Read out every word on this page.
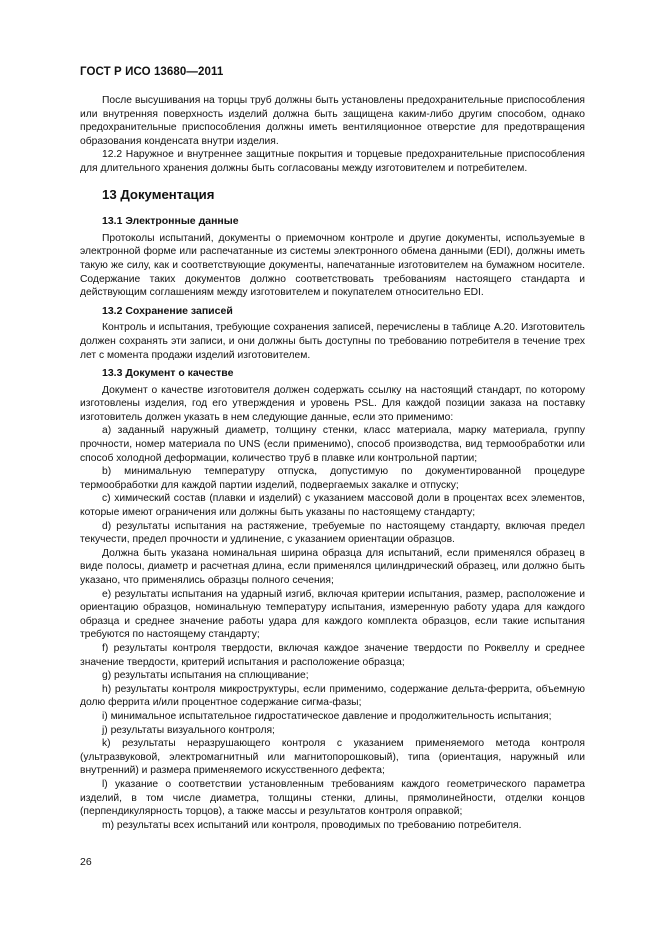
ГОСТ Р ИСО 13680—2011

После высушивания на торцы труб должны быть установлены предохранительные приспособления или внутренняя поверхность изделий должна быть защищена каким-либо другим способом, однако предохранительные приспособления должны иметь вентиляционное отверстие для предотвращения образования конденсата внутри изделия.

12.2 Наружное и внутреннее защитные покрытия и торцевые предохранительные приспособления для длительного хранения должны быть согласованы между изготовителем и потребителем.

13 Документация
13.1 Электронные данные

Протоколы испытаний, документы о приемочном контроле и другие документы, используемые в электронной форме или распечатанные из системы электронного обмена данными (EDI), должны иметь такую же силу, как и соответствующие документы, напечатанные изготовителем на бумажном носителе. Содержание таких документов должно соответствовать требованиям настоящего стандарта и действующим соглашениям между изготовителем и покупателем относительно EDI.

13.2 Сохранение записей

Контроль и испытания, требующие сохранения записей, перечислены в таблице А.20. Изготовитель должен сохранять эти записи, и они должны быть доступны по требованию потребителя в течение трех лет с момента продажи изделий изготовителем.

13.3 Документ о качестве

Документ о качестве изготовителя должен содержать ссылку на настоящий стандарт, по которому изготовлены изделия, год его утверждения и уровень PSL. Для каждой позиции заказа на поставку изготовитель должен указать в нем следующие данные, если это применимо:

a) заданный наружный диаметр, толщину стенки, класс материала, марку материала, группу прочности, номер материала по UNS (если применимо), способ производства, вид термообработки или способ холодной деформации, количество труб в плавке или контрольной партии;

b) минимальную температуру отпуска, допустимую по документированной процедуре термообработки для каждой партии изделий, подвергаемых закалке и отпуску;

c) химический состав (плавки и изделий) с указанием массовой доли в процентах всех элементов, которые имеют ограничения или должны быть указаны по настоящему стандарту;

d) результаты испытания на растяжение, требуемые по настоящему стандарту, включая предел текучести, предел прочности и удлинение, с указанием ориентации образцов.

Должна быть указана номинальная ширина образца для испытаний, если применялся образец в виде полосы, диаметр и расчетная длина, если применялся цилиндрический образец, или должно быть указано, что применялись образцы полного сечения;

e) результаты испытания на ударный изгиб, включая критерии испытания, размер, расположение и ориентацию образцов, номинальную температуру испытания, измеренную работу удара для каждого образца и среднее значение работы удара для каждого комплекта образцов, если такие испытания требуются по настоящему стандарту;

f) результаты контроля твердости, включая каждое значение твердости по Роквеллу и среднее значение твердости, критерий испытания и расположение образца;

g) результаты испытания на сплющивание;

h) результаты контроля микроструктуры, если применимо, содержание дельта-феррита, объемную долю феррита и/или процентное содержание сигма-фазы;

i) минимальное испытательное гидростатическое давление и продолжительность испытания;

j) результаты визуального контроля;

k) результаты неразрушающего контроля с указанием применяемого метода контроля (ультразвуковой, электромагнитный или магнитопорошковый), типа (ориентация, наружный или внутренний) и размера применяемого искусственного дефекта;

l) указание о соответствии установленным требованиям каждого геометрического параметра изделий, в том числе диаметра, толщины стенки, длины, прямолинейности, отделки концов (перпендикулярность торцов), а также массы и результатов контроля оправкой;

m) результаты всех испытаний или контроля, проводимых по требованию потребителя.

26
